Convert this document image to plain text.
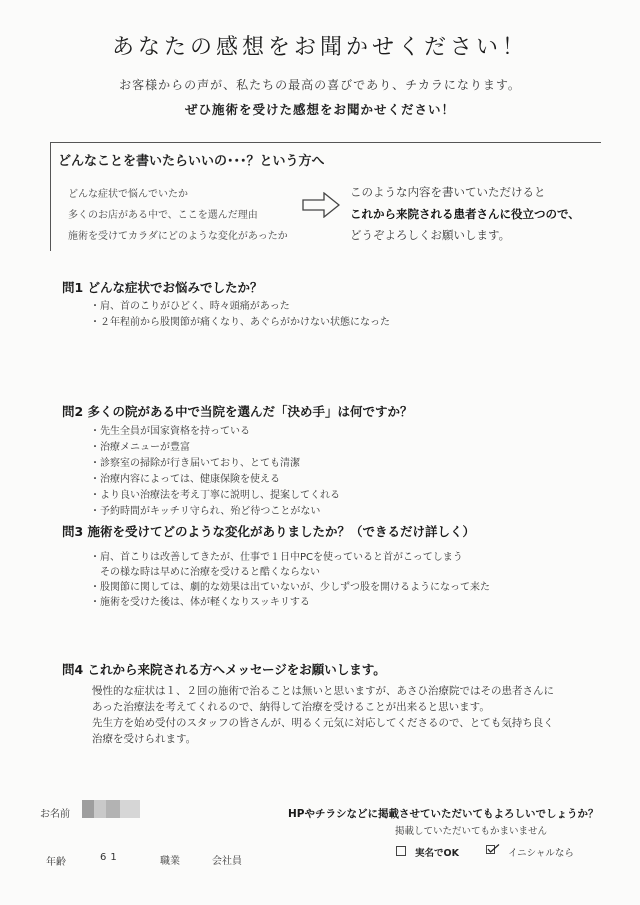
あなたの感想をお聞かせください！
お客様からの声が、私たちの最高の喜びであり、チカラになります。
ぜひ施術を受けた感想をお聞かせください！
どんなことを書いたらいいの･･･？という方へ
どんな症状で悩んでいたか
多くのお店がある中で、ここを選んだ理由
施術を受けてカラダにどのような変化があったか
このような内容を書いていただけると
これから来院される患者さんに役立つので、
どうぞよろしくお願いします。
問1 どんな症状でお悩みでしたか？
・肩、首のこりがひどく、時々頭痛があった
・２年程前から股関節が痛くなり、あぐらがかけない状態になった
問2 多くの院がある中で当院を選んだ「決め手」は何ですか？
・先生全員が国家資格を持っている
・治療メニューが豊富
・診察室の掃除が行き届いており、とても清潔
・治療内容によっては、健康保険を使える
・より良い治療法を考え丁寧に説明し、提案してくれる
・予約時間がキッチリ守られ、殆ど待つことがない
問3 施術を受けてどのような変化がありましたか？（できるだけ詳しく）
・肩、首こりは改善してきたが、仕事で１日中PCを使っていると首がこってしまう
その様な時は早めに治療を受けると酷くならない
・股関節に関しては、劇的な効果は出ていないが、少しずつ股を開けるようになって来た
・施術を受けた後は、体が軽くなりスッキリする
問4 これから来院される方へメッセージをお願いします。
慢性的な症状は１、２回の施術で治ることは無いと思いますが、あさひ治療院ではその患者さんに
あった治療法を考えてくれるので、納得して治療を受けることが出来ると思います。
先生方を始め受付のスタッフの皆さんが、明るく元気に対応してくださるので、とても気持ち良く
治療を受けられます。
お名前
年齢	61	職業	会社員
HPやチラシなどに掲載させていただいてもよろしいでしょうか？
掲載していただいてもかまいません
実名でOK	イニシャルなら
